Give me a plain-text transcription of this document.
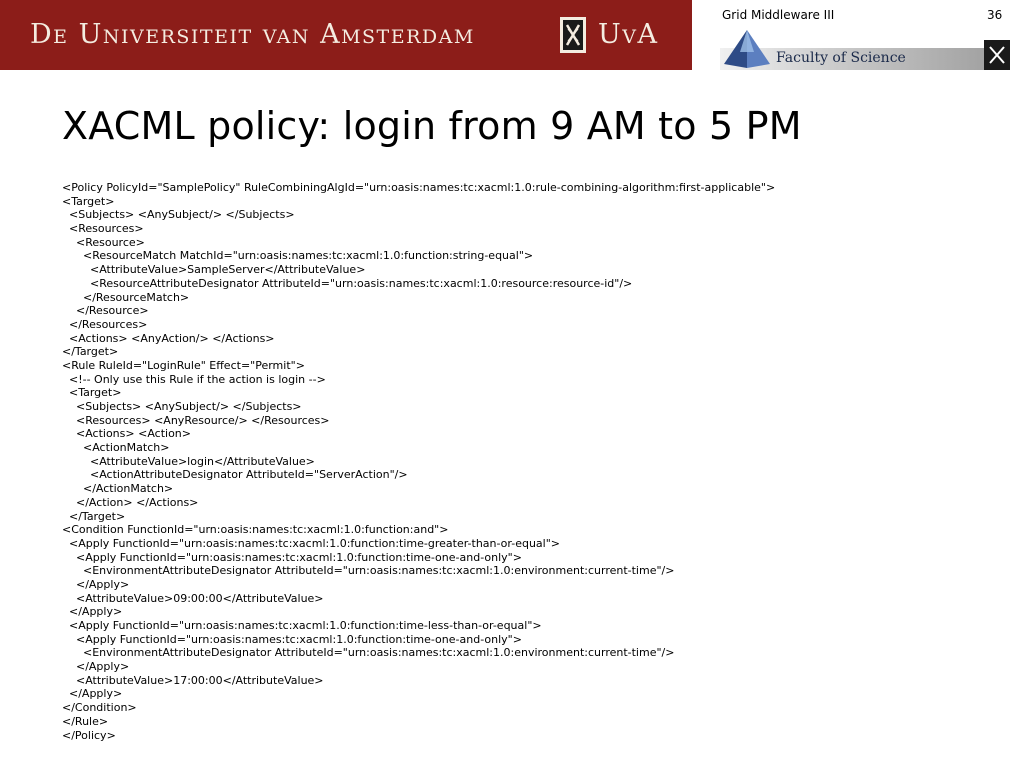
De Universiteit van Amsterdam	UvA
Grid Middleware III	36
Faculty of Science
XACML policy: login from 9 AM to 5 PM
<Policy PolicyId="SamplePolicy" RuleCombiningAlgId="urn:oasis:names:tc:xacml:1.0:rule-combining-algorithm:first-applicable">
<Target>
<Subjects> <AnySubject/> </Subjects>
<Resources>
<Resource>
<ResourceMatch MatchId="urn:oasis:names:tc:xacml:1.0:function:string-equal">
<AttributeValue>SampleServer</AttributeValue>
<ResourceAttributeDesignator AttributeId="urn:oasis:names:tc:xacml:1.0:resource:resource-id"/>
</ResourceMatch>
</Resource>
</Resources>
<Actions> <AnyAction/> </Actions>
</Target>
<Rule RuleId="LoginRule" Effect="Permit">
<!-- Only use this Rule if the action is login -->
<Target>
<Subjects> <AnySubject/> </Subjects>
<Resources> <AnyResource/> </Resources>
<Actions> <Action>
<ActionMatch>
<AttributeValue>login</AttributeValue>
<ActionAttributeDesignator AttributeId="ServerAction"/>
</ActionMatch>
</Action> </Actions>
</Target>
<Condition FunctionId="urn:oasis:names:tc:xacml:1.0:function:and">
<Apply FunctionId="urn:oasis:names:tc:xacml:1.0:function:time-greater-than-or-equal">
<Apply FunctionId="urn:oasis:names:tc:xacml:1.0:function:time-one-and-only">
<EnvironmentAttributeDesignator AttributeId="urn:oasis:names:tc:xacml:1.0:environment:current-time"/>
</Apply>
<AttributeValue>09:00:00</AttributeValue>
</Apply>
<Apply FunctionId="urn:oasis:names:tc:xacml:1.0:function:time-less-than-or-equal">
<Apply FunctionId="urn:oasis:names:tc:xacml:1.0:function:time-one-and-only">
<EnvironmentAttributeDesignator AttributeId="urn:oasis:names:tc:xacml:1.0:environment:current-time"/>
</Apply>
<AttributeValue>17:00:00</AttributeValue>
</Apply>
</Condition>
</Rule>
</Policy>
